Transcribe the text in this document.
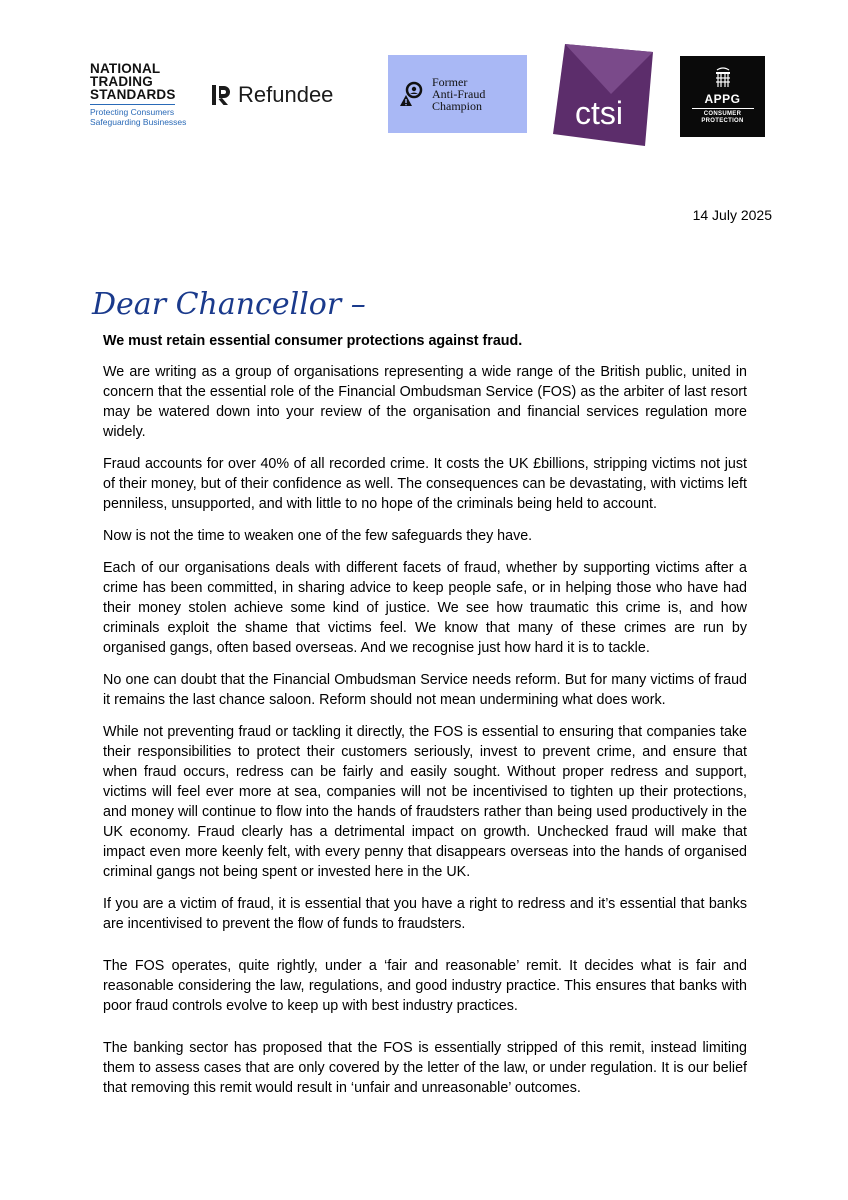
NATIONAL
TRADING
STANDARDS
Protecting Consumers
Safeguarding Businesses
Refundee	Former
Anti-Fraud
Champion	ctsi	APPG
CONSUMER
PROTECTION
14 July 2025
Dear Chancellor –

We must retain essential consumer protections against fraud.

We are writing as a group of organisations representing a wide range of the British public, united in concern that the essential role of the Financial Ombudsman Service (FOS) as the arbiter of last resort may be watered down into your review of the organisation and financial services regulation more widely.

Fraud accounts for over 40% of all recorded crime. It costs the UK £billions, stripping victims not just of their money, but of their confidence as well. The consequences can be devastating, with victims left penniless, unsupported, and with little to no hope of the criminals being held to account.

Now is not the time to weaken one of the few safeguards they have.

Each of our organisations deals with different facets of fraud, whether by supporting victims after a crime has been committed, in sharing advice to keep people safe, or in helping those who have had their money stolen achieve some kind of justice. We see how traumatic this crime is, and how criminals exploit the shame that victims feel. We know that many of these crimes are run by organised gangs, often based overseas. And we recognise just how hard it is to tackle.

No one can doubt that the Financial Ombudsman Service needs reform. But for many victims of fraud it remains the last chance saloon. Reform should not mean undermining what does work.

While not preventing fraud or tackling it directly, the FOS is essential to ensuring that companies take their responsibilities to protect their customers seriously, invest to prevent crime, and ensure that when fraud occurs, redress can be fairly and easily sought. Without proper redress and support, victims will feel ever more at sea, companies will not be incentivised to tighten up their protections, and money will continue to flow into the hands of fraudsters rather than being used productively in the UK economy. Fraud clearly has a detrimental impact on growth. Unchecked fraud will make that impact even more keenly felt, with every penny that disappears overseas into the hands of organised criminal gangs not being spent or invested here in the UK.

If you are a victim of fraud, it is essential that you have a right to redress and it’s essential that banks are incentivised to prevent the flow of funds to fraudsters.

The FOS operates, quite rightly, under a ‘fair and reasonable’ remit. It decides what is fair and reasonable considering the law, regulations, and good industry practice. This ensures that banks with poor fraud controls evolve to keep up with best industry practices.

The banking sector has proposed that the FOS is essentially stripped of this remit, instead limiting them to assess cases that are only covered by the letter of the law, or under regulation. It is our belief that removing this remit would result in ‘unfair and unreasonable’ outcomes.
